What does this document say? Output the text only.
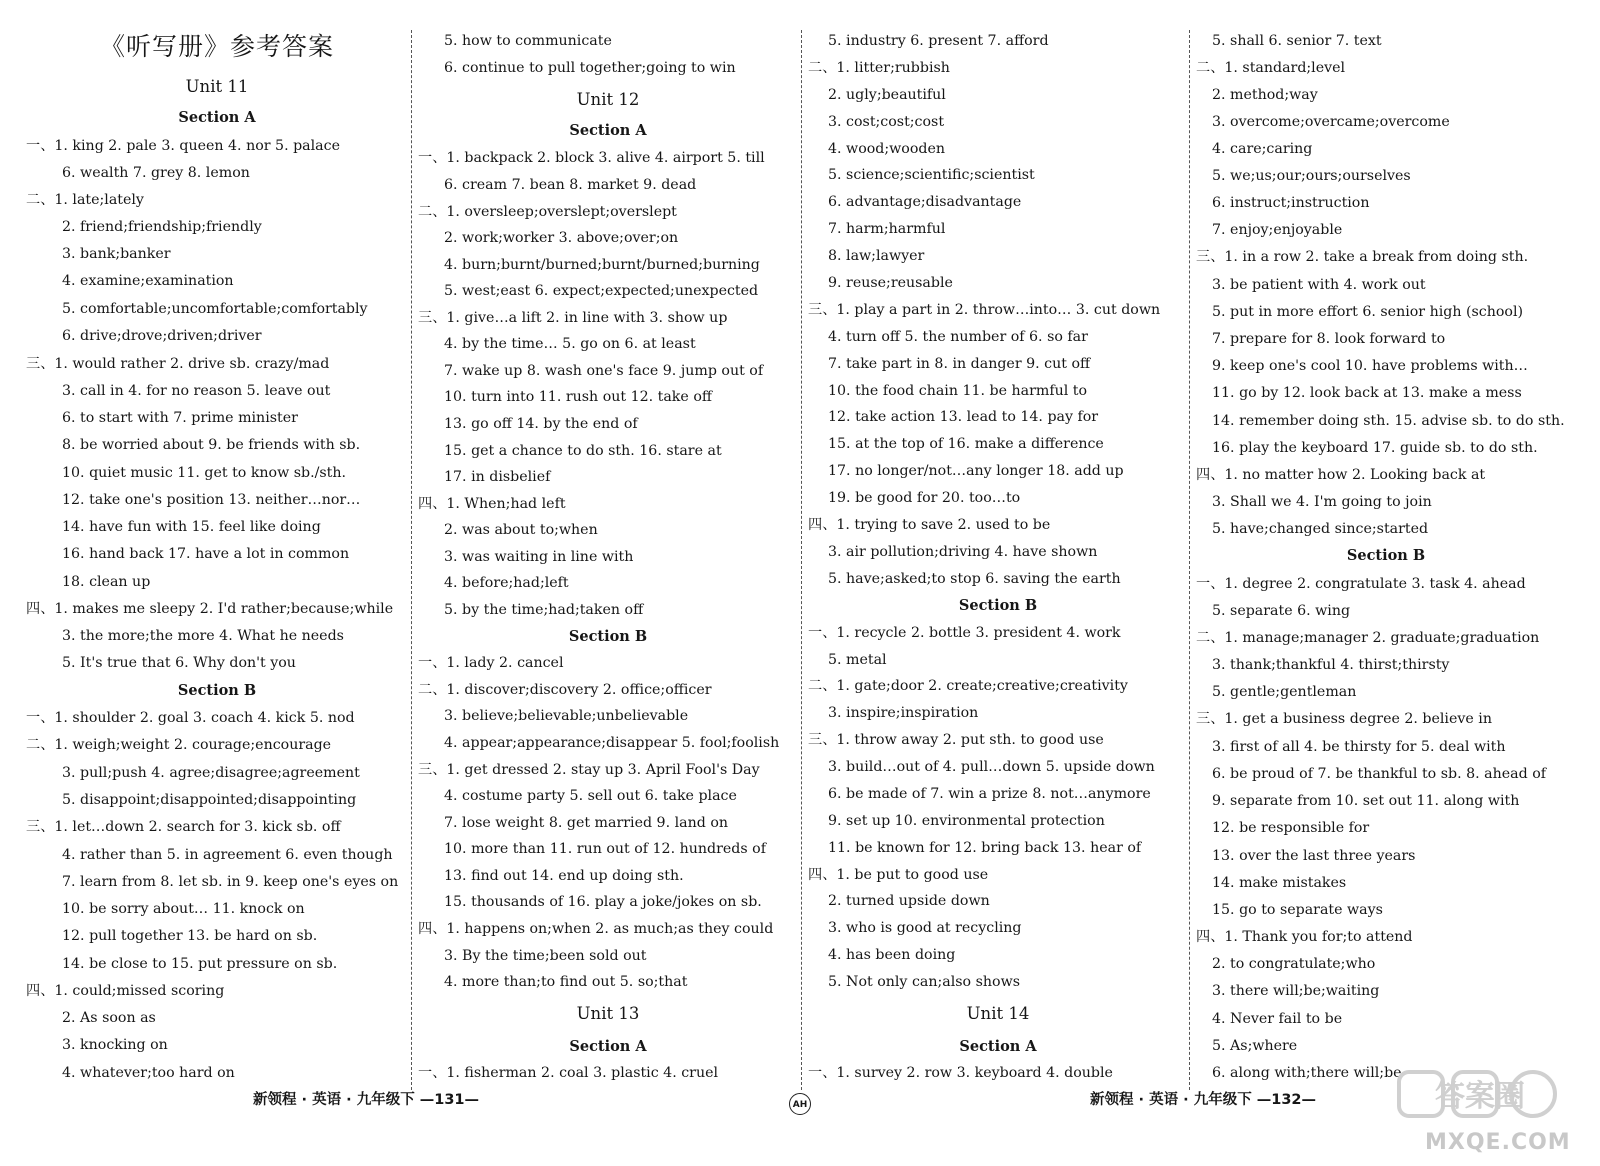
《听写册》参考答案
Unit 11
Section A
一、1. king 2. pale 3. queen 4. nor 5. palace
6. wealth 7. grey 8. lemon
二、1. late;lately
2. friend;friendship;friendly
3. bank;banker
4. examine;examination
5. comfortable;uncomfortable;comfortably
6. drive;drove;driven;driver
三、1. would rather 2. drive sb. crazy/mad
3. call in 4. for no reason 5. leave out
6. to start with 7. prime minister
8. be worried about 9. be friends with sb.
10. quiet music 11. get to know sb./sth.
12. take one's position 13. neither…nor…
14. have fun with 15. feel like doing
16. hand back 17. have a lot in common
18. clean up
四、1. makes me sleepy 2. I'd rather;because;while
3. the more;the more 4. What he needs
5. It's true that 6. Why don't you
Section B
一、1. shoulder 2. goal 3. coach 4. kick 5. nod
二、1. weigh;weight 2. courage;encourage
3. pull;push 4. agree;disagree;agreement
5. disappoint;disappointed;disappointing
三、1. let…down 2. search for 3. kick sb. off
4. rather than 5. in agreement 6. even though
7. learn from 8. let sb. in 9. keep one's eyes on
10. be sorry about… 11. knock on
12. pull together 13. be hard on sb.
14. be close to 15. put pressure on sb.
四、1. could;missed scoring
2. As soon as
3. knocking on
4. whatever;too hard on
5. how to communicate
6. continue to pull together;going to win
Unit 12
Section A
一、1. backpack 2. block 3. alive 4. airport 5. till
6. cream 7. bean 8. market 9. dead
二、1. oversleep;overslept;overslept
2. work;worker 3. above;over;on
4. burn;burnt/burned;burnt/burned;burning
5. west;east 6. expect;expected;unexpected
三、1. give…a lift 2. in line with 3. show up
4. by the time… 5. go on 6. at least
7. wake up 8. wash one's face 9. jump out of
10. turn into 11. rush out 12. take off
13. go off 14. by the end of
15. get a chance to do sth. 16. stare at
17. in disbelief
四、1. When;had left
2. was about to;when
3. was waiting in line with
4. before;had;left
5. by the time;had;taken off
Section B
一、1. lady 2. cancel
二、1. discover;discovery 2. office;officer
3. believe;believable;unbelievable
4. appear;appearance;disappear 5. fool;foolish
三、1. get dressed 2. stay up 3. April Fool's Day
4. costume party 5. sell out 6. take place
7. lose weight 8. get married 9. land on
10. more than 11. run out of 12. hundreds of
13. find out 14. end up doing sth.
15. thousands of 16. play a joke/jokes on sb.
四、1. happens on;when 2. as much;as they could
3. By the time;been sold out
4. more than;to find out 5. so;that
Unit 13
Section A
一、1. fisherman 2. coal 3. plastic 4. cruel
5. industry 6. present 7. afford
二、1. litter;rubbish
2. ugly;beautiful
3. cost;cost;cost
4. wood;wooden
5. science;scientific;scientist
6. advantage;disadvantage
7. harm;harmful
8. law;lawyer
9. reuse;reusable
三、1. play a part in 2. throw…into… 3. cut down
4. turn off 5. the number of 6. so far
7. take part in 8. in danger 9. cut off
10. the food chain 11. be harmful to
12. take action 13. lead to 14. pay for
15. at the top of 16. make a difference
17. no longer/not…any longer 18. add up
19. be good for 20. too…to
四、1. trying to save 2. used to be
3. air pollution;driving 4. have shown
5. have;asked;to stop 6. saving the earth
Section B
一、1. recycle 2. bottle 3. president 4. work
5. metal
二、1. gate;door 2. create;creative;creativity
3. inspire;inspiration
三、1. throw away 2. put sth. to good use
3. build…out of 4. pull…down 5. upside down
6. be made of 7. win a prize 8. not…anymore
9. set up 10. environmental protection
11. be known for 12. bring back 13. hear of
四、1. be put to good use
2. turned upside down
3. who is good at recycling
4. has been doing
5. Not only can;also shows
Unit 14
Section A
一、1. survey 2. row 3. keyboard 4. double
5. shall 6. senior 7. text
二、1. standard;level
2. method;way
3. overcome;overcame;overcome
4. care;caring
5. we;us;our;ours;ourselves
6. instruct;instruction
7. enjoy;enjoyable
三、1. in a row 2. take a break from doing sth.
3. be patient with 4. work out
5. put in more effort 6. senior high (school)
7. prepare for 8. look forward to
9. keep one's cool 10. have problems with…
11. go by 12. look back at 13. make a mess
14. remember doing sth. 15. advise sb. to do sth.
16. play the keyboard 17. guide sb. to do sth.
四、1. no matter how 2. Looking back at
3. Shall we 4. I'm going to join
5. have;changed since;started
Section B
一、1. degree 2. congratulate 3. task 4. ahead
5. separate 6. wing
二、1. manage;manager 2. graduate;graduation
3. thank;thankful 4. thirst;thirsty
5. gentle;gentleman
三、1. get a business degree 2. believe in
3. first of all 4. be thirsty for 5. deal with
6. be proud of 7. be thankful to sb. 8. ahead of
9. separate from 10. set out 11. along with
12. be responsible for
13. over the last three years
14. make mistakes
15. go to separate ways
四、1. Thank you for;to attend
2. to congratulate;who
3. there will;be;waiting
4. Never fail to be
5. As;where
6. along with;there will;be
新领程 · 英语 · 九年级下 —131—	AH	新领程 · 英语 · 九年级下 —132—	答案圈
MXQE.COM
